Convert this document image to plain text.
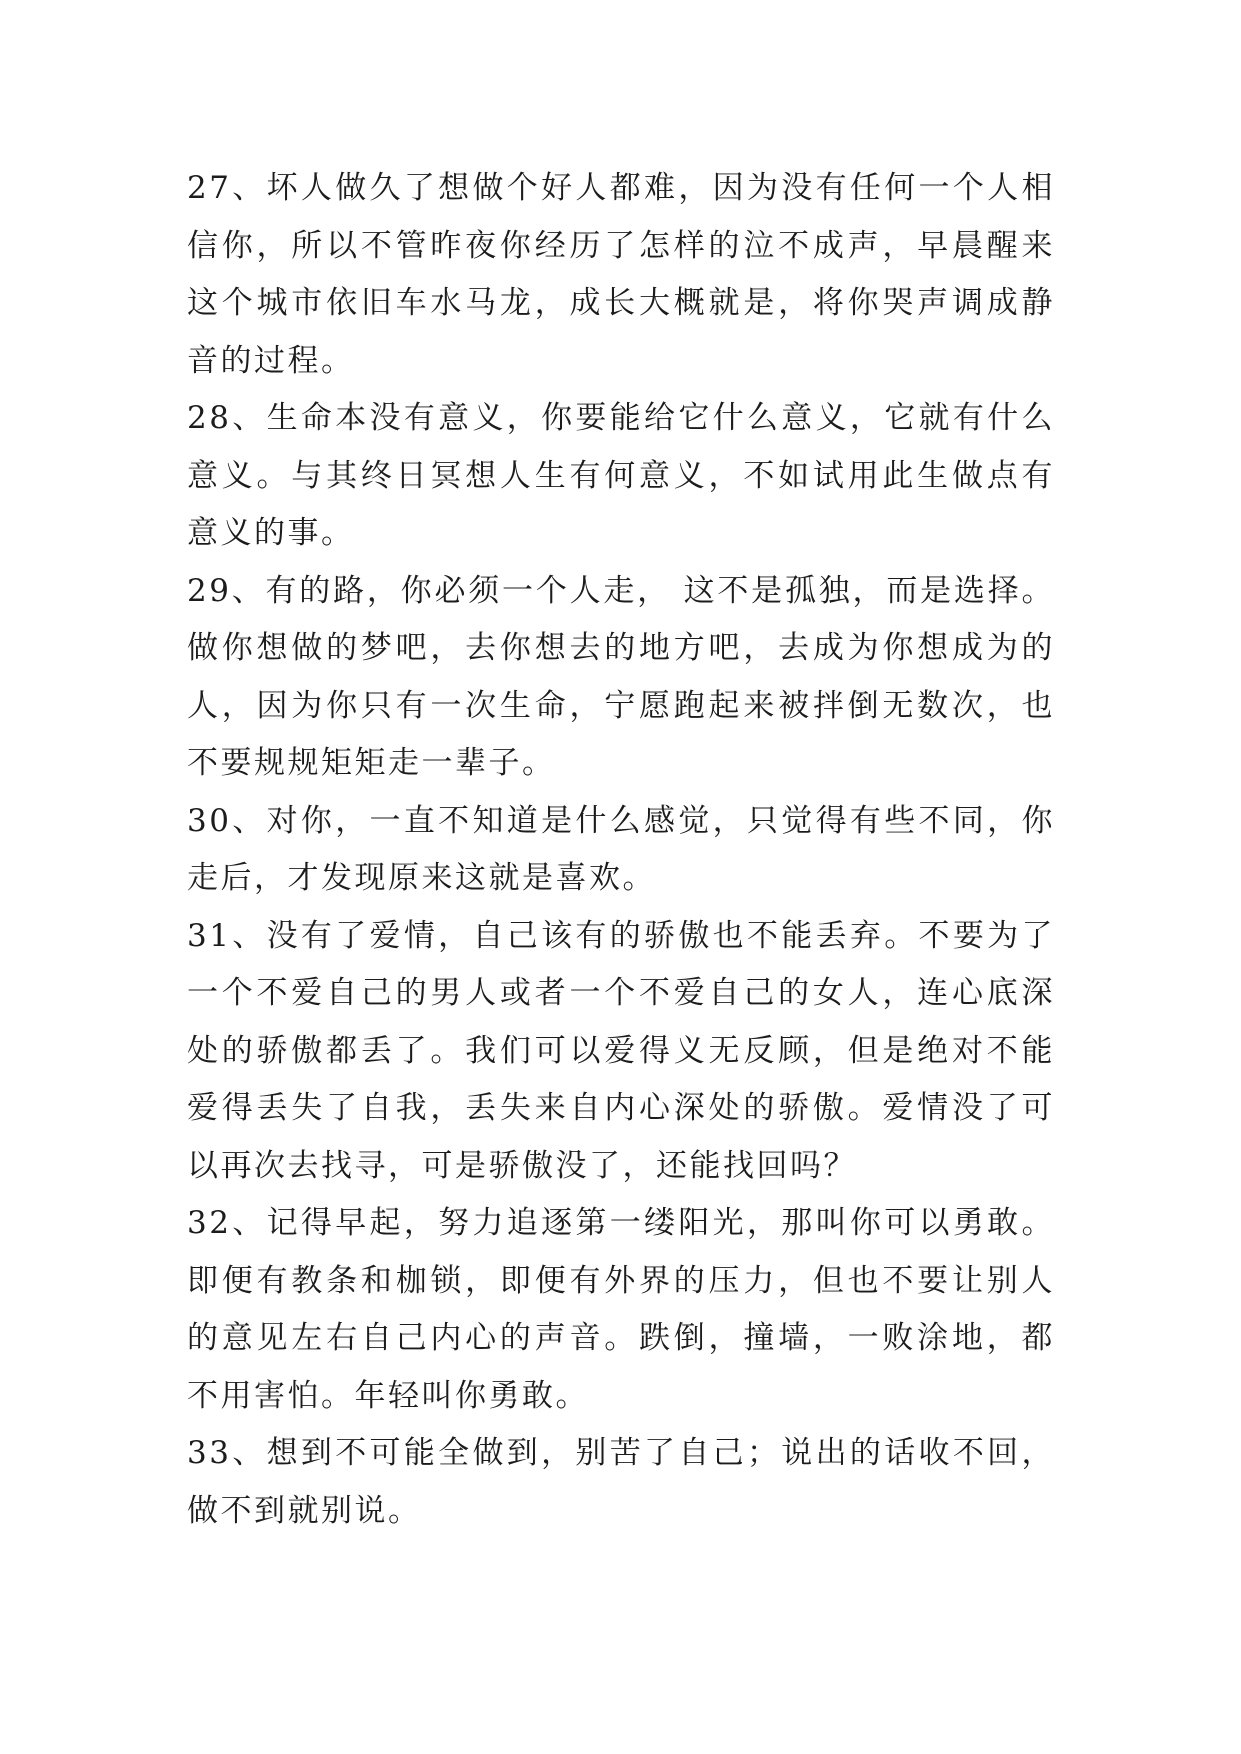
27、坏人做久了想做个好人都难，因为没有任何一个人相信你，所以不管昨夜你经历了怎样的泣不成声，早晨醒来这个城市依旧车水马龙，成长大概就是，将你哭声调成静音的过程。

28、生命本没有意义，你要能给它什么意义，它就有什么意义。与其终日冥想人生有何意义，不如试用此生做点有意义的事。

29、有的路，你必须一个人走， 这不是孤独，而是选择。做你想做的梦吧，去你想去的地方吧，去成为你想成为的人，因为你只有一次生命，宁愿跑起来被拌倒无数次，也不要规规矩矩走一辈子。

30、对你，一直不知道是什么感觉，只觉得有些不同，你走后，才发现原来这就是喜欢。

31、没有了爱情，自己该有的骄傲也不能丢弃。不要为了一个不爱自己的男人或者一个不爱自己的女人，连心底深处的骄傲都丢了。我们可以爱得义无反顾，但是绝对不能爱得丢失了自我，丢失来自内心深处的骄傲。爱情没了可以再次去找寻，可是骄傲没了，还能找回吗？

32、记得早起，努力追逐第一缕阳光，那叫你可以勇敢。即便有教条和枷锁，即便有外界的压力，但也不要让别人的意见左右自己内心的声音。跌倒，撞墙，一败涂地，都不用害怕。年轻叫你勇敢。

33、想到不可能全做到，别苦了自己；说出的话收不回，做不到就别说。
